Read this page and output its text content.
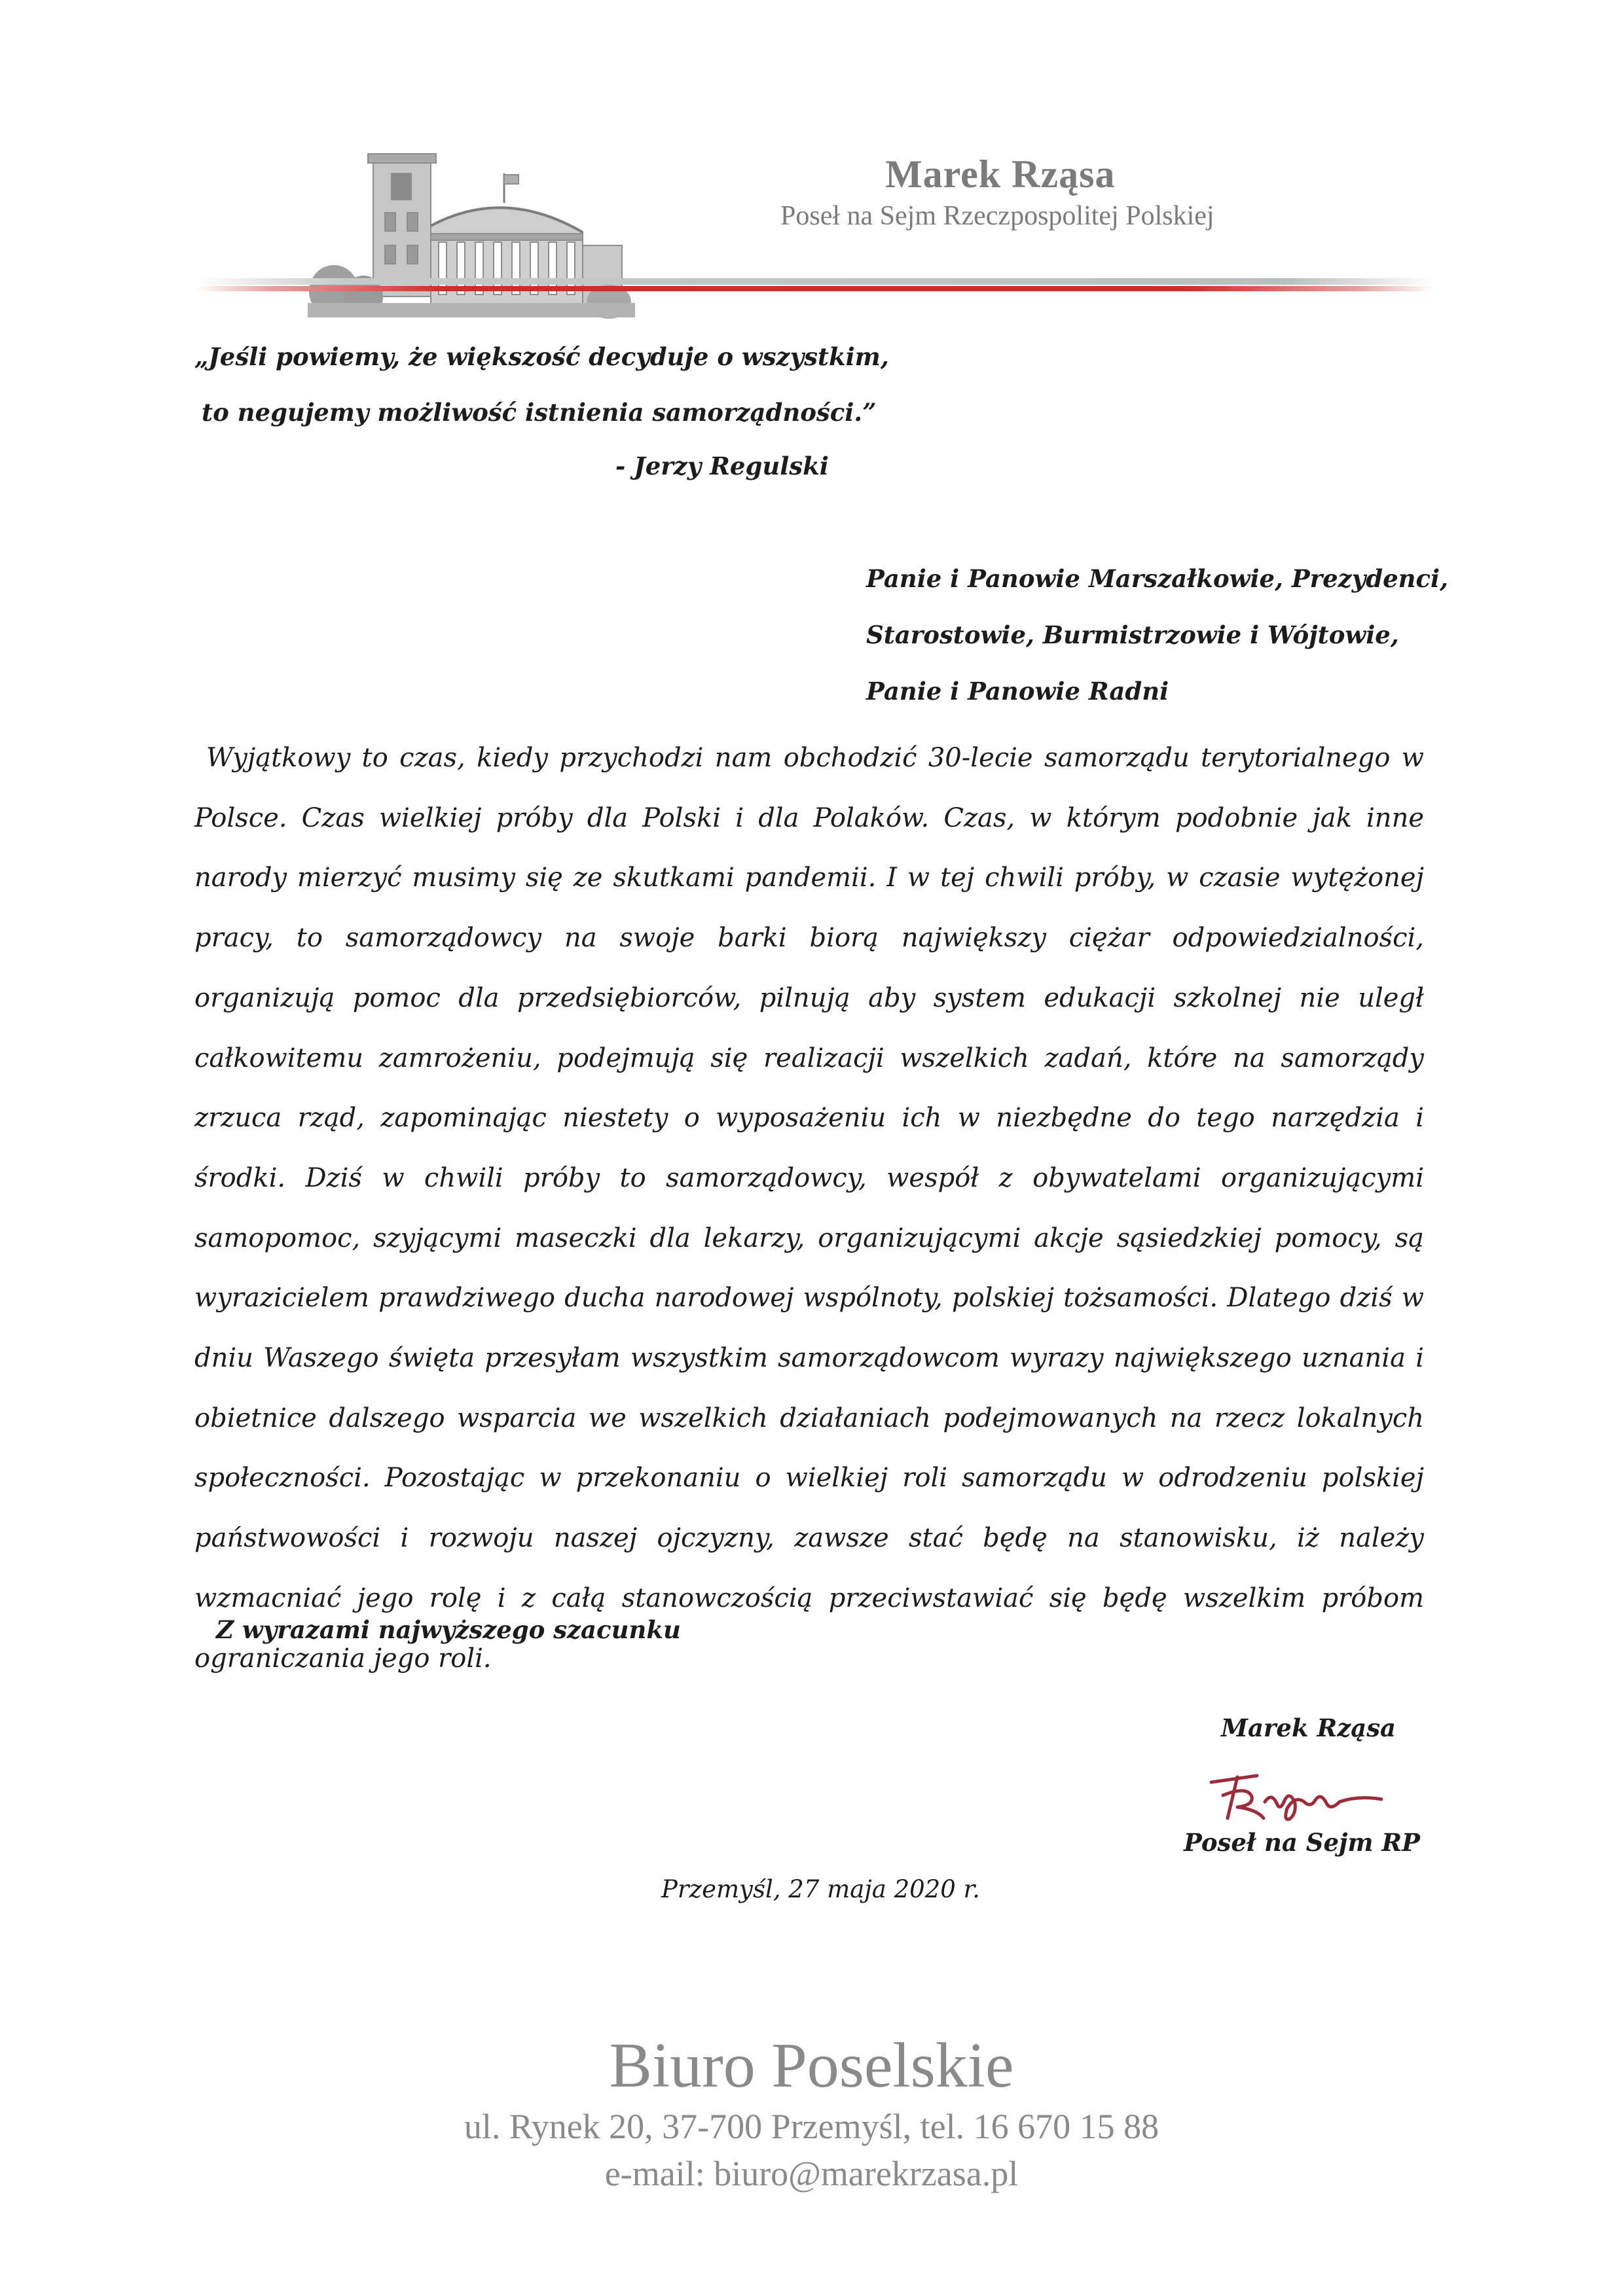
Marek Rząsa
Poseł na Sejm Rzeczpospolitej Polskiej
„Jeśli powiemy, że większość decyduje o wszystkim,
to negujemy możliwość istnienia samorządności.”
- Jerzy Regulski
Panie i Panowie Marszałkowie, Prezydenci,
Starostowie, Burmistrzowie i Wójtowie,
Panie i Panowie Radni

Wyjątkowy to czas, kiedy przychodzi nam obchodzić 30-lecie samorządu terytorialnego w Polsce. Czas wielkiej próby dla Polski i dla Polaków. Czas, w którym podobnie jak inne narody mierzyć musimy się ze skutkami pandemii. I w tej chwili próby, w czasie wytężonej pracy, to samorządowcy na swoje barki biorą największy ciężar odpowiedzialności, organizują pomoc dla przedsiębiorców, pilnują aby system edukacji szkolnej nie uległ całkowitemu zamrożeniu, podejmują się realizacji wszelkich zadań, które na samorządy zrzuca rząd, zapominając niestety o wyposażeniu ich w niezbędne do tego narzędzia i środki. Dziś w chwili próby to samorządowcy, wespół z obywatelami organizującymi samopomoc, szyjącymi maseczki dla lekarzy, organizującymi akcje sąsiedzkiej pomocy, są wyrazicielem prawdziwego ducha narodowej wspólnoty, polskiej tożsamości. Dlatego dziś w dniu Waszego święta przesyłam wszystkim samorządowcom wyrazy największego uznania i obietnice dalszego wsparcia we wszelkich działaniach podejmowanych na rzecz lokalnych społeczności. Pozostając w przekonaniu o wielkiej roli samorządu w odrodzeniu polskiej państwowości i rozwoju naszej ojczyzny, zawsze stać będę na stanowisku, iż należy wzmacniać jego rolę i z całą stanowczością przeciwstawiać się będę wszelkim próbom ograniczania jego roli.

Z wyrazami najwyższego szacunku
Marek Rząsa
Poseł na Sejm RP
Przemyśl, 27 maja 2020 r.
Biuro Poselskie
ul. Rynek 20, 37-700 Przemyśl, tel. 16 670 15 88
e-mail: biuro@marekrzasa.pl
